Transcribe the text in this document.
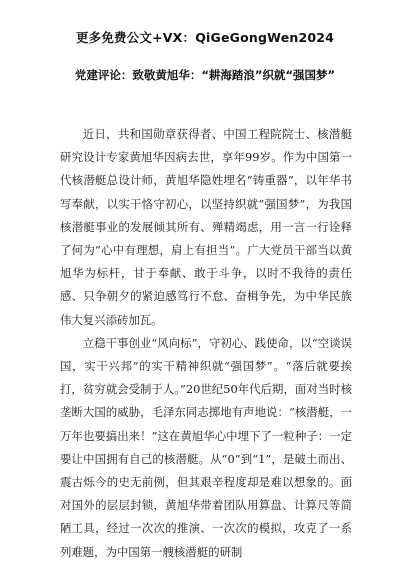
更多免费公文+VX：QiGeGongWen2024
党建评论：致敬黄旭华：“耕海踏浪”织就“强国梦”

近日，共和国勋章获得者、中国工程院院士、核潜艇研究设计专家黄旭华因病去世，享年99岁。作为中国第一代核潜艇总设计师，黄旭华隐姓埋名“铸重器”，以年华书写奉献，以实干恪守初心，以坚持织就“强国梦”，为我国核潜艇事业的发展倾其所有、殚精竭虑，用一言一行诠释了何为“心中有理想，肩上有担当”。广大党员干部当以黄旭华为标杆，甘于奉献、敢于斗争，以时不我待的责任感、只争朝夕的紧迫感笃行不怠、奋楫争先，为中华民族伟大复兴添砖加瓦。

立稳干事创业“风向标”，守初心、践使命，以“空谈误国，实干兴邦”的实干精神织就“强国梦”。“落后就要挨打，贫穷就会受制于人。”20世纪50年代后期，面对当时核垄断大国的威胁，毛泽东同志掷地有声地说：“核潜艇，一万年也要搞出来！”这在黄旭华心中埋下了一粒种子：一定要让中国拥有自己的核潜艇。从“0”到“1”，是破土而出、震古烁今的史无前例，但其艰辛程度却是难以想象的。面对国外的层层封锁，黄旭华带着团队用算盘、计算尺等简陋工具，经过一次次的推演、一次次的模拟，攻克了一系列难题，为中国第一艘核潜艇的研制
